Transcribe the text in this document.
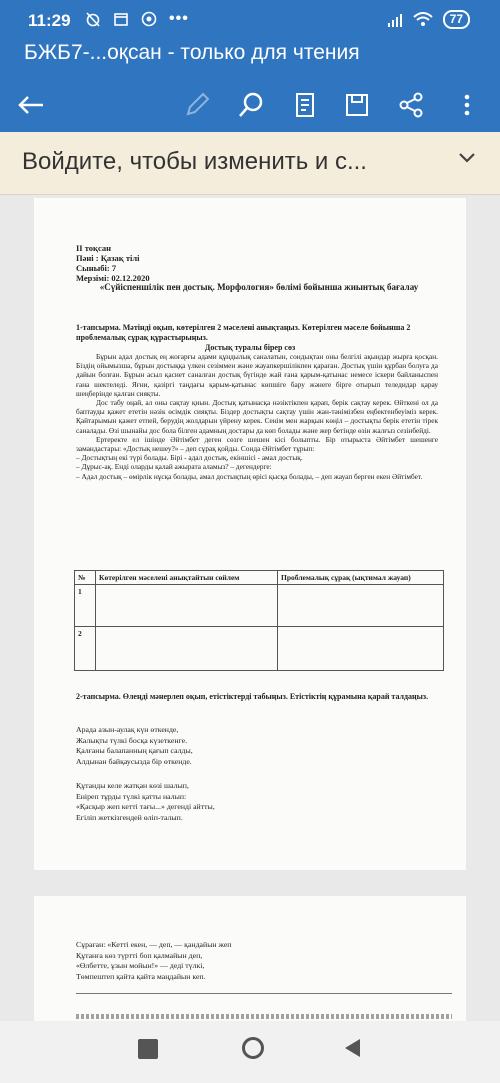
11:29	•••	77
БЖБ7-...оқсан - только для чтения
Войдите, чтобы изменить и с...
ІІ тоқсан
Пәні : Қазақ тілі
Сыныбі: 7
Мерзімі: 02.12.2020
«Сүйіспеншілік пен достық. Морфология» бөлімі бойынша жиынтық бағалау
1-тапсырма. Мәтінді оқып, көтерілген 2 мәселені анықтаңыз. Көтерілген мәселе бойынша 2 проблемалық сұрақ құрастырыңыз.
Достық туралы бірер сөз

Бұрын адал достық ең жоғарғы адами құндылық саналатын, сондықтан оны белгілі ақындар жырға қосқан. Біздің ойымызша, бұрын достыққа үлкен сезіммен және жауапкершілікпен қараған. Достық үшін құрбан болуға да дайын болған. Бұрын асыл қасиет саналған достық бүгінде жай ғана қарым-қатынас немесе іскери байланыспен ғана шектеледі. Яғни, қазіргі таңдағы қарым-қатынас көпшіге бару жәнеге бірге отырып теледидар қарау шеңберінде қалған сияқты.

Дос табу оңай, ал оны сақтау қиын. Достық қатынасқа нәзіктікпен қарап, берік сақтау керек. Өйткені ол да баптауды қажет ететін нәзік өсімдік сияқты. Біздер достықты сақтау үшін жан-тәнімізбен еңбектенбеуіміз керек. Қайтарымын қажет етпей, берудің жолдарын үйрену керек. Сенім мен жарқын көңіл – достықты берік ететін тірек саналады. Өзі шынайы дос бола білген адамның достары да көп болады және жер бетінде өзін жалғыз сезінбейді.

Ертеректе ел ішінде Әйтімбет деген сөзге шешен кісі болыпты. Бір отырыста Әйтімбет шешенге замандастары: «Достық нешеу?» – деп сұрақ қойды. Сонда Әйтімбет тұрып:

– Достықтың екі түрі болады. Бірі - адал достық, екіншісі - амал достық.

– Дұрыс-ақ. Енді оларды қалай ажырата аламыз? – дегендерге:

– Адал достық – өмірлік нұсқа болады, амал достықтың өрісі қысқа болады, – деп жауап берген екен Әйтімбет.

№	Көтерілген мәселені анықтайтын сөйлем	Проблемалық сұрақ (ықтимал жауап)
1		
2		
2-тапсырма. Өлеңді мәнерлеп оқып, етістіктерді табыңыз. Етістіктің құрамына қарай талдаңыз.
Арада азын-аулақ күн өткенде,
Жалықты түлкі босқа күзеткенге.
Қалғаны балапанның қағып салды,
Алдынан байқаусызда бір өткенде.
Құтанды келе жатқан көзі шалып,
Еніреп тұрды түлкі қатты налып:
«Қасқыр жеп кетті тағы...» дегенді айтты,
Егіліп жеткізгендей өліп-талып.
Сұраған: «Кетті екен, — деп, — қандайын жеп
Құтанға көз түртті боп қалмайын деп,
«Өлбетте, ұзын мойын!» — деді түлкі,
Төмпештеп қайта қайта маңдайын кеп.
